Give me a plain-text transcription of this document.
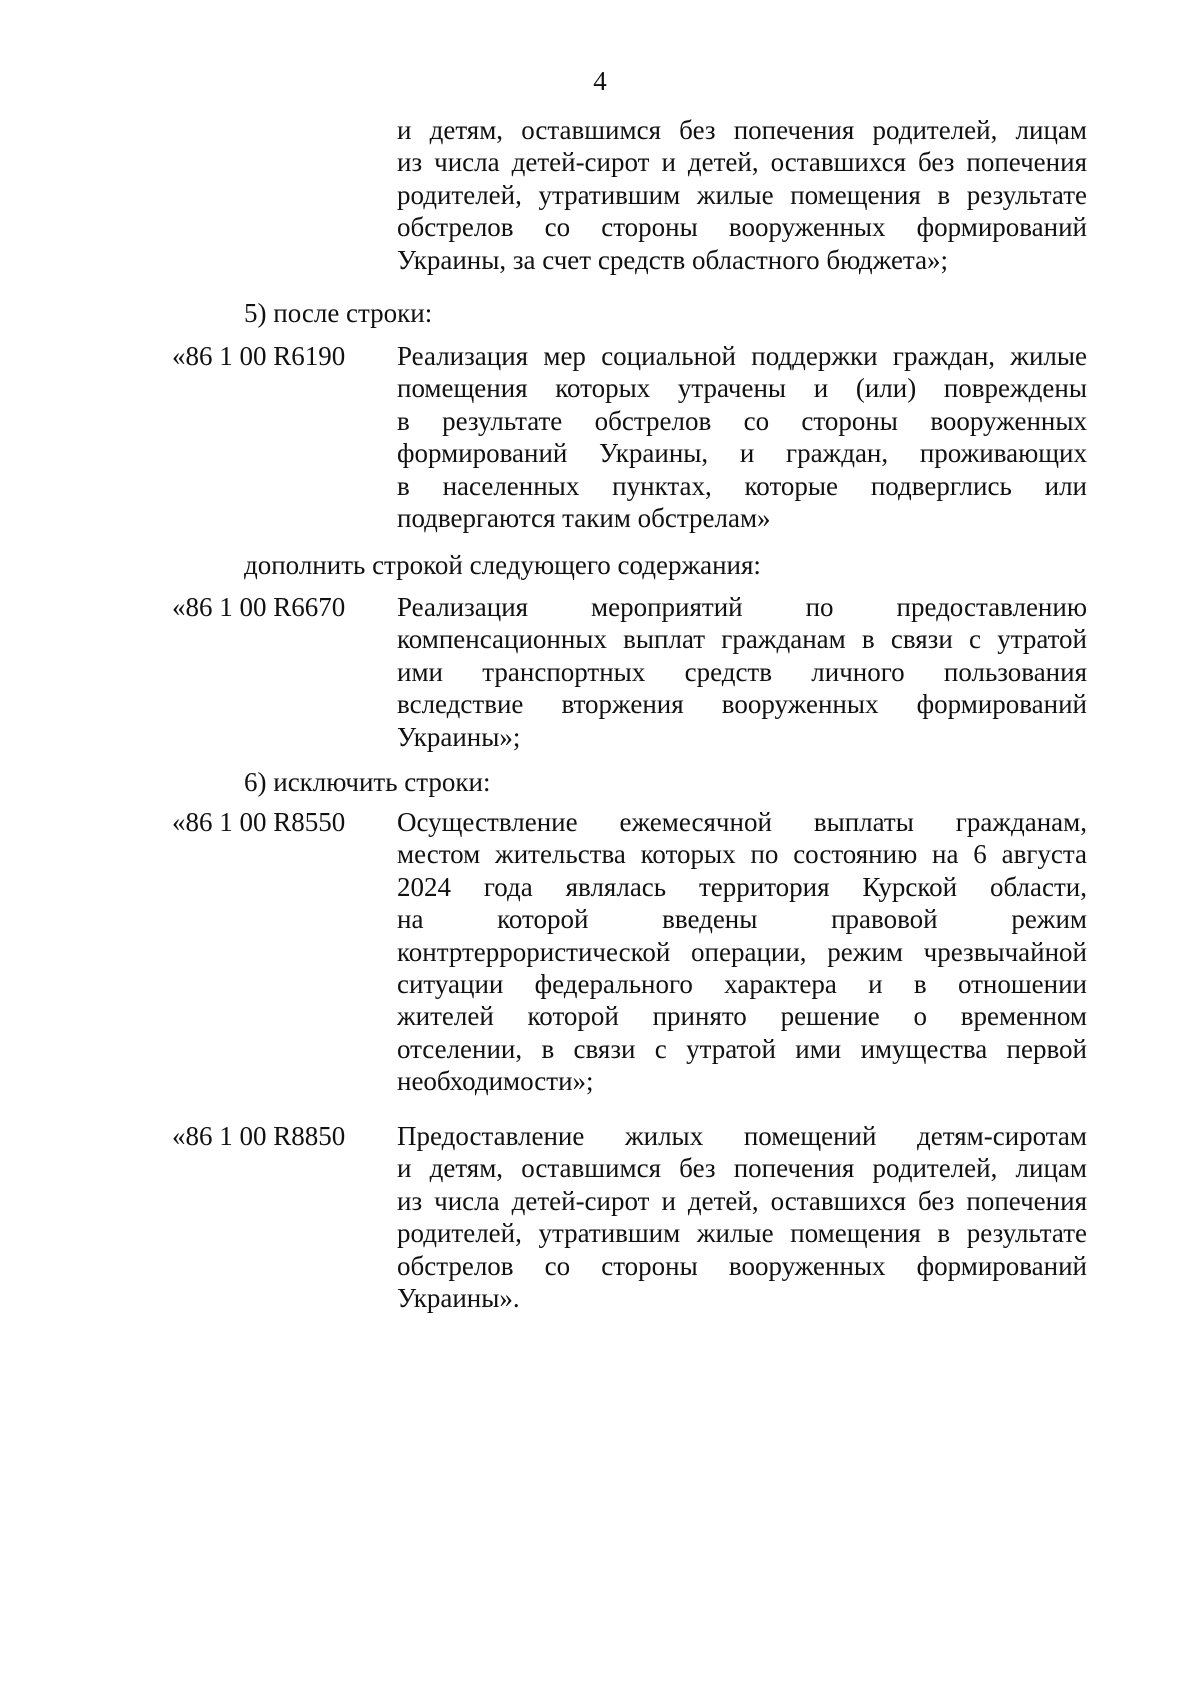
4
и детям, оставшимся без попечения родителей, лицам
из числа детей-сирот и детей, оставшихся без попечения
родителей, утратившим жилые помещения в результате
обстрелов со стороны вооруженных формирований
Украины, за счет средств областного бюджета»;
5) после строки:
«86 1 00 R6190	Реализация мер социальной поддержки граждан, жилые
помещения которых утрачены и (или) повреждены
в результате обстрелов со стороны вооруженных
формирований Украины, и граждан, проживающих
в населенных пунктах, которые подверглись или
подвергаются таким обстрелам»
дополнить строкой следующего содержания:
«86 1 00 R6670	Реализация мероприятий по предоставлению
компенсационных выплат гражданам в связи с утратой
ими транспортных средств личного пользования
вследствие вторжения вооруженных формирований
Украины»;
6) исключить строки:
«86 1 00 R8550	Осуществление ежемесячной выплаты гражданам,
местом жительства которых по состоянию на 6 августа
2024 года являлась территория Курской области,
на которой введены правовой режим
контртеррористической операции, режим чрезвычайной
ситуации федерального характера и в отношении
жителей которой принято решение о временном
отселении, в связи с утратой ими имущества первой
необходимости»;
«86 1 00 R8850	Предоставление жилых помещений детям-сиротам
и детям, оставшимся без попечения родителей, лицам
из числа детей-сирот и детей, оставшихся без попечения
родителей, утратившим жилые помещения в результате
обстрелов со стороны вооруженных формирований
Украины».
